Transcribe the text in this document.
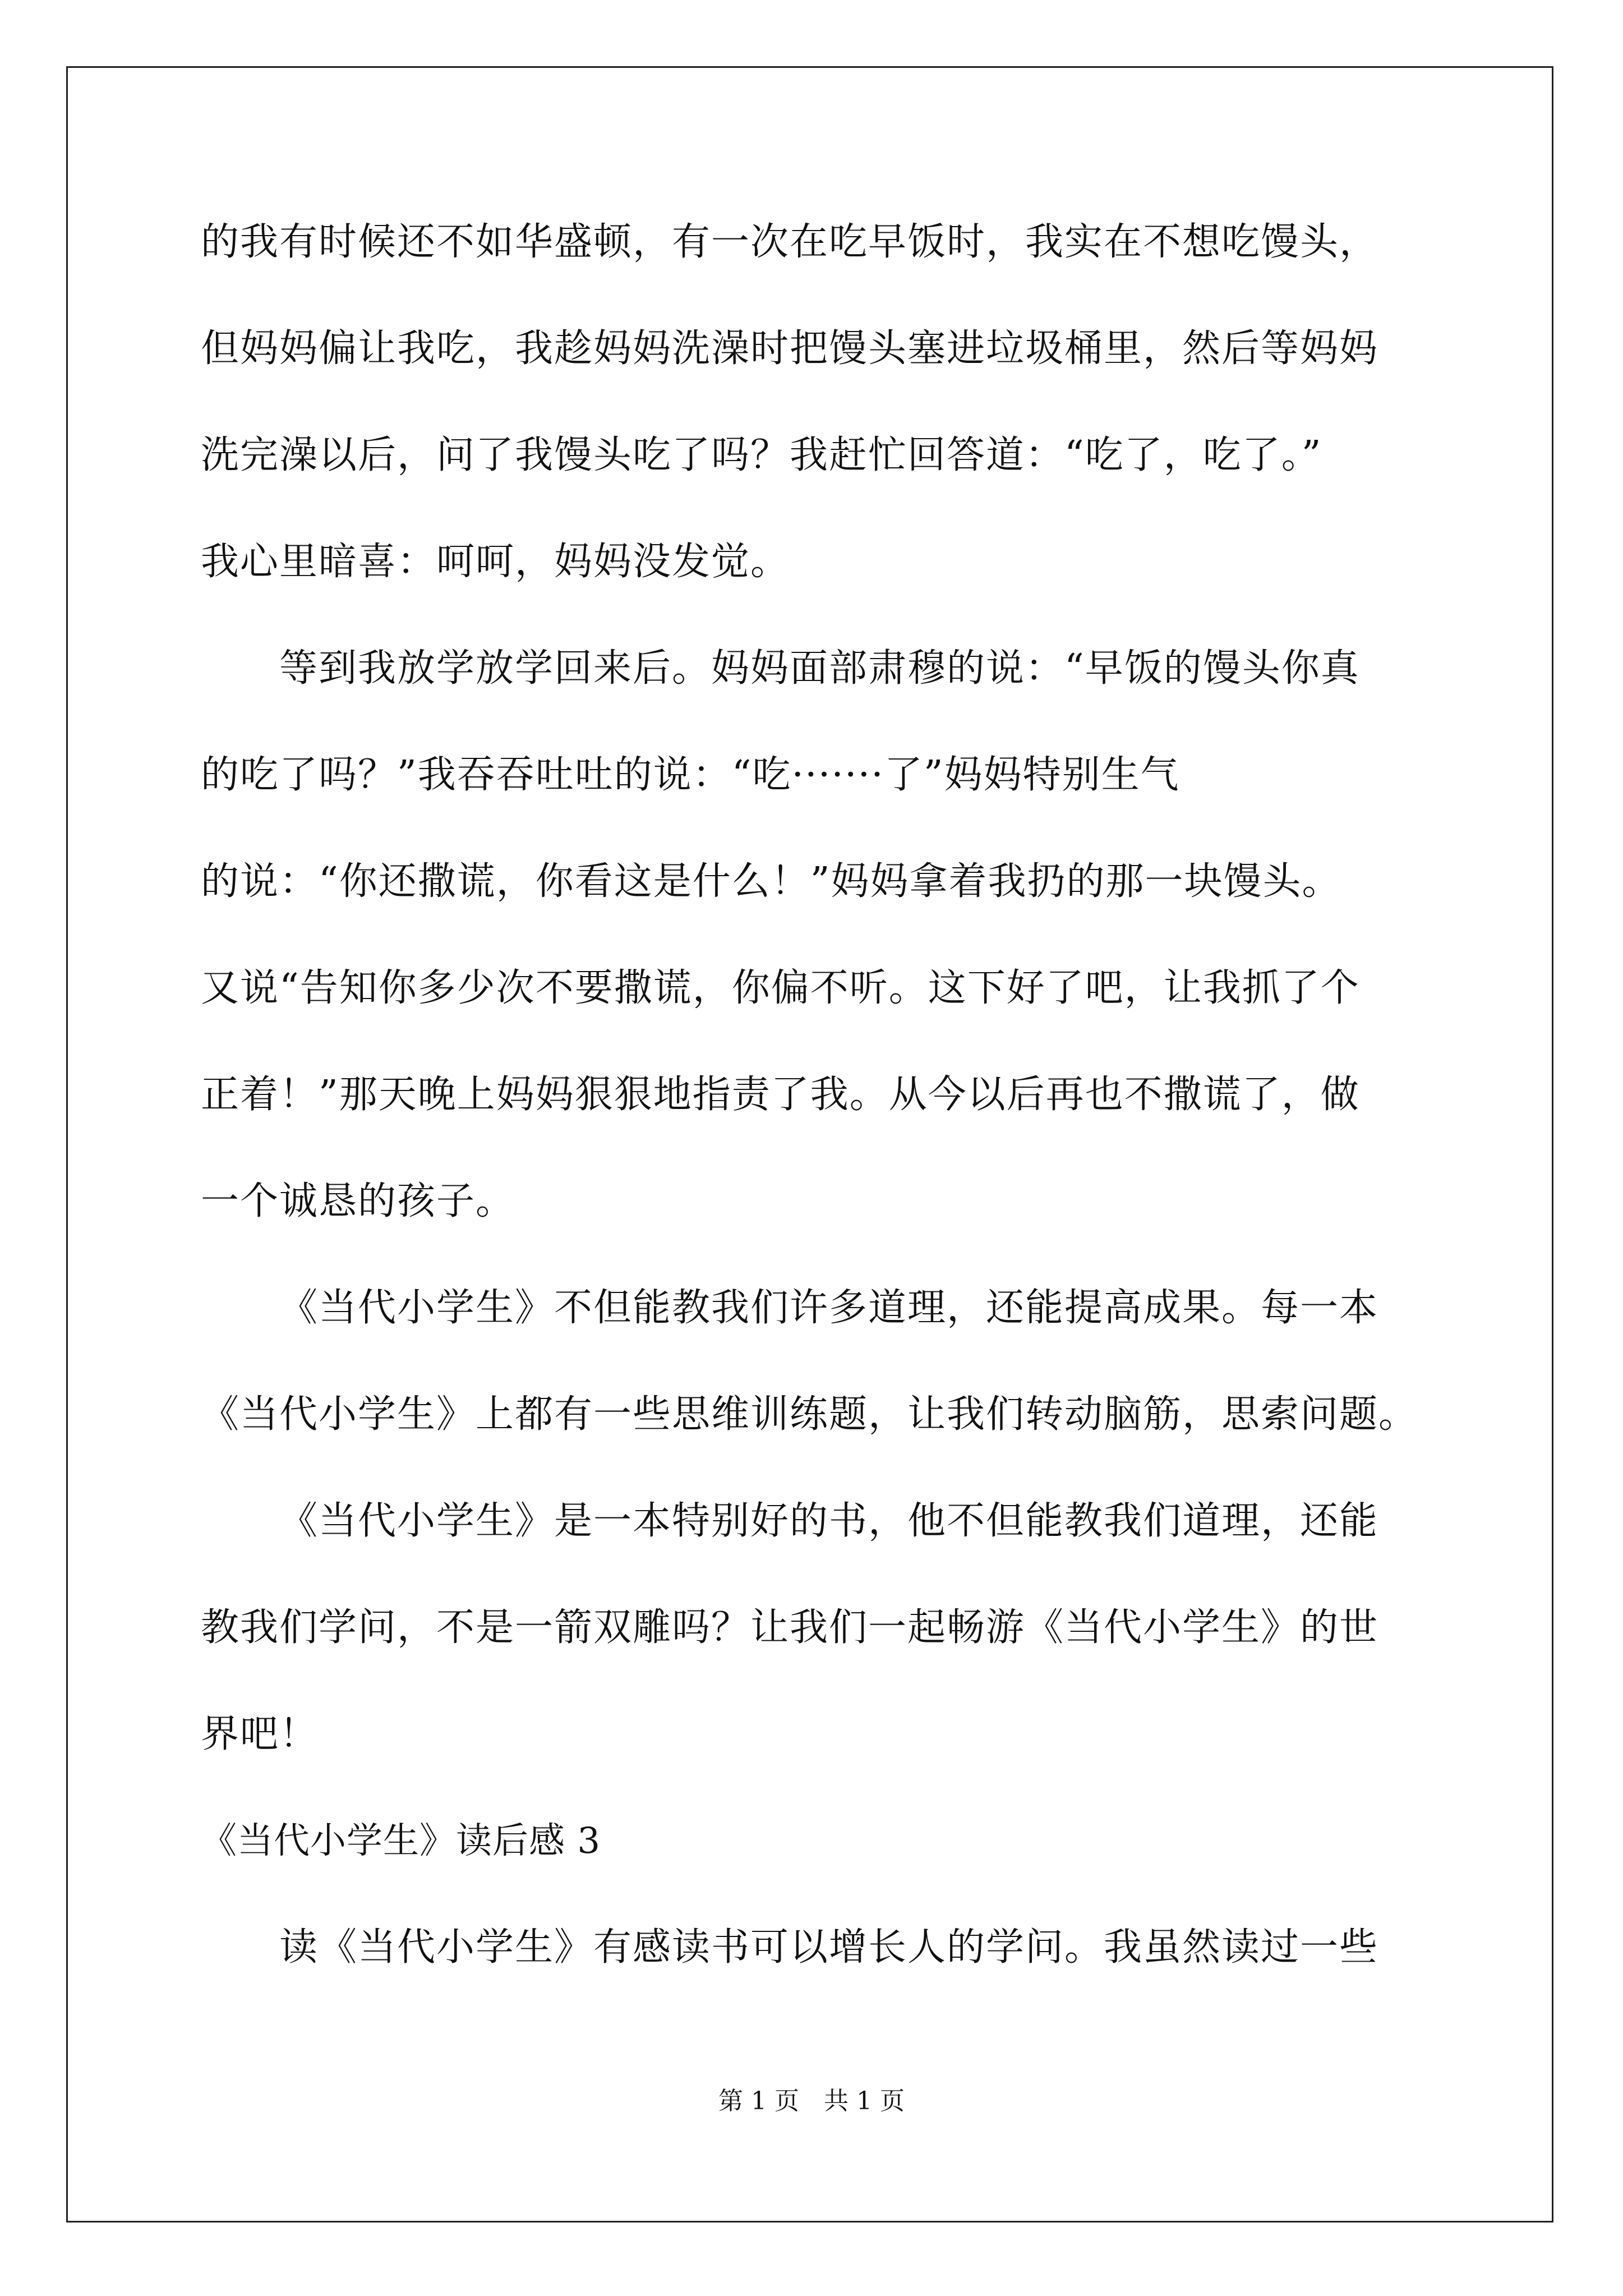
的我有时候还不如华盛顿，有一次在吃早饭时，我实在不想吃馒头，
但妈妈偏让我吃，我趁妈妈洗澡时把馒头塞进垃圾桶里，然后等妈妈
洗完澡以后，问了我馒头吃了吗？我赶忙回答道：“吃了，吃了。”
我心里暗喜：呵呵，妈妈没发觉。
等到我放学放学回来后。妈妈面部肃穆的说：“早饭的馒头你真
的吃了吗？”我吞吞吐吐的说：“吃·······了”妈妈特别生气
的说：“你还撒谎，你看这是什么！”妈妈拿着我扔的那一块馒头。
又说“告知你多少次不要撒谎，你偏不听。这下好了吧，让我抓了个
正着！”那天晚上妈妈狠狠地指责了我。从今以后再也不撒谎了，做
一个诚恳的孩子。
《当代小学生》不但能教我们许多道理，还能提高成果。每一本
《当代小学生》上都有一些思维训练题，让我们转动脑筋，思索问题。
《当代小学生》是一本特别好的书，他不但能教我们道理，还能
教我们学问，不是一箭双雕吗？让我们一起畅游《当代小学生》的世
界吧！
《当代小学生》读后感 3
读《当代小学生》有感读书可以增长人的学问。我虽然读过一些
第 1 页　共 1 页
